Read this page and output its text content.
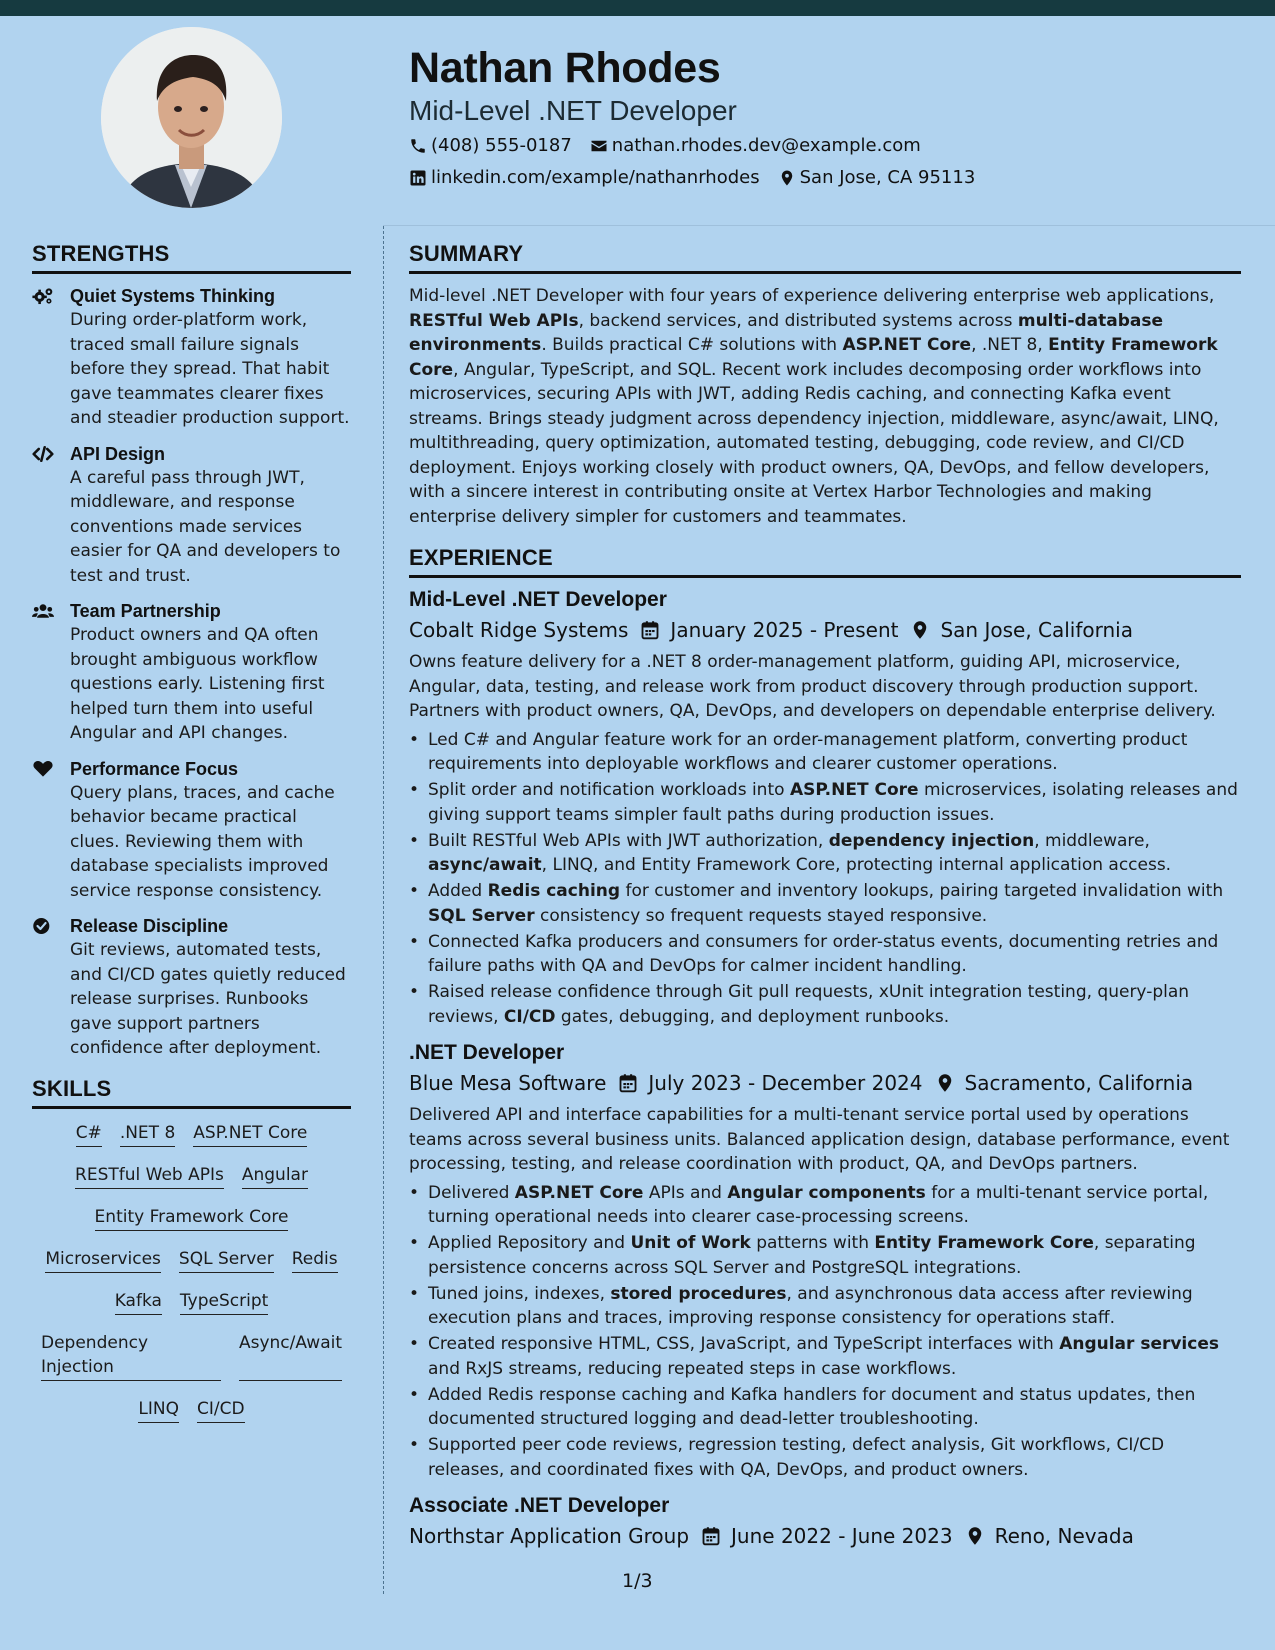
Nathan Rhodes
Mid-Level .NET Developer
(408) 555-0187 nathan.rhodes.dev@example.com
linkedin.com/example/nathanrhodes San Jose, CA 95113
STRENGTHS
Quiet Systems Thinking
During order-platform work, traced small failure signals before they spread. That habit gave teammates clearer fixes and steadier production support.
API Design
A careful pass through JWT, middleware, and response conventions made services easier for QA and developers to test and trust.
Team Partnership
Product owners and QA often brought ambiguous workflow questions early. Listening first helped turn them into useful Angular and API changes.
Performance Focus
Query plans, traces, and cache behavior became practical clues. Reviewing them with database specialists improved service response consistency.
Release Discipline
Git reviews, automated tests, and CI/CD gates quietly reduced release surprises. Runbooks gave support partners confidence after deployment.
SKILLS
C# .NET 8 ASP.NET Core
RESTful Web APIs Angular
Entity Framework Core
Microservices SQL Server Redis
Kafka TypeScript
Dependency Injection
Async/Await
LINQ CI/CD
SUMMARY

Mid-level .NET Developer with four years of experience delivering enterprise web applications, RESTful Web APIs, backend services, and distributed systems across multi-database environments. Builds practical C# solutions with ASP.NET Core, .NET 8, Entity Framework Core, Angular, TypeScript, and SQL. Recent work includes decomposing order workflows into microservices, securing APIs with JWT, adding Redis caching, and connecting Kafka event streams. Brings steady judgment across dependency injection, middleware, async/await, LINQ, multithreading, query optimization, automated testing, debugging, code review, and CI/CD deployment. Enjoys working closely with product owners, QA, DevOps, and fellow developers, with a sincere interest in contributing onsite at Vertex Harbor Technologies and making enterprise delivery simpler for customers and teammates.

EXPERIENCE
Mid-Level .NET Developer
Cobalt Ridge Systems January 2025 - Present San Jose, California

Owns feature delivery for a .NET 8 order-management platform, guiding API, microservice, Angular, data, testing, and release work from product discovery through production support. Partners with product owners, QA, DevOps, and developers on dependable enterprise delivery.

• Led C# and Angular feature work for an order-management platform, converting product requirements into deployable workflows and clearer customer operations.
• Split order and notification workloads into ASP.NET Core microservices, isolating releases and giving support teams simpler fault paths during production issues.
• Built RESTful Web APIs with JWT authorization, dependency injection, middleware, async/await, LINQ, and Entity Framework Core, protecting internal application access.
• Added Redis caching for customer and inventory lookups, pairing targeted invalidation with SQL Server consistency so frequent requests stayed responsive.
• Connected Kafka producers and consumers for order-status events, documenting retries and failure paths with QA and DevOps for calmer incident handling.
• Raised release confidence through Git pull requests, xUnit integration testing, query-plan reviews, CI/CD gates, debugging, and deployment runbooks.
.NET Developer
Blue Mesa Software July 2023 - December 2024 Sacramento, California

Delivered API and interface capabilities for a multi-tenant service portal used by operations teams across several business units. Balanced application design, database performance, event processing, testing, and release coordination with product, QA, and DevOps partners.

• Delivered ASP.NET Core APIs and Angular components for a multi-tenant service portal, turning operational needs into clearer case-processing screens.
• Applied Repository and Unit of Work patterns with Entity Framework Core, separating persistence concerns across SQL Server and PostgreSQL integrations.
• Tuned joins, indexes, stored procedures, and asynchronous data access after reviewing execution plans and traces, improving response consistency for operations staff.
• Created responsive HTML, CSS, JavaScript, and TypeScript interfaces with Angular services and RxJS streams, reducing repeated steps in case workflows.
• Added Redis response caching and Kafka handlers for document and status updates, then documented structured logging and dead-letter troubleshooting.
• Supported peer code reviews, regression testing, defect analysis, Git workflows, CI/CD releases, and coordinated fixes with QA, DevOps, and product owners.
Associate .NET Developer
Northstar Application Group June 2022 - June 2023 Reno, Nevada
1/3
